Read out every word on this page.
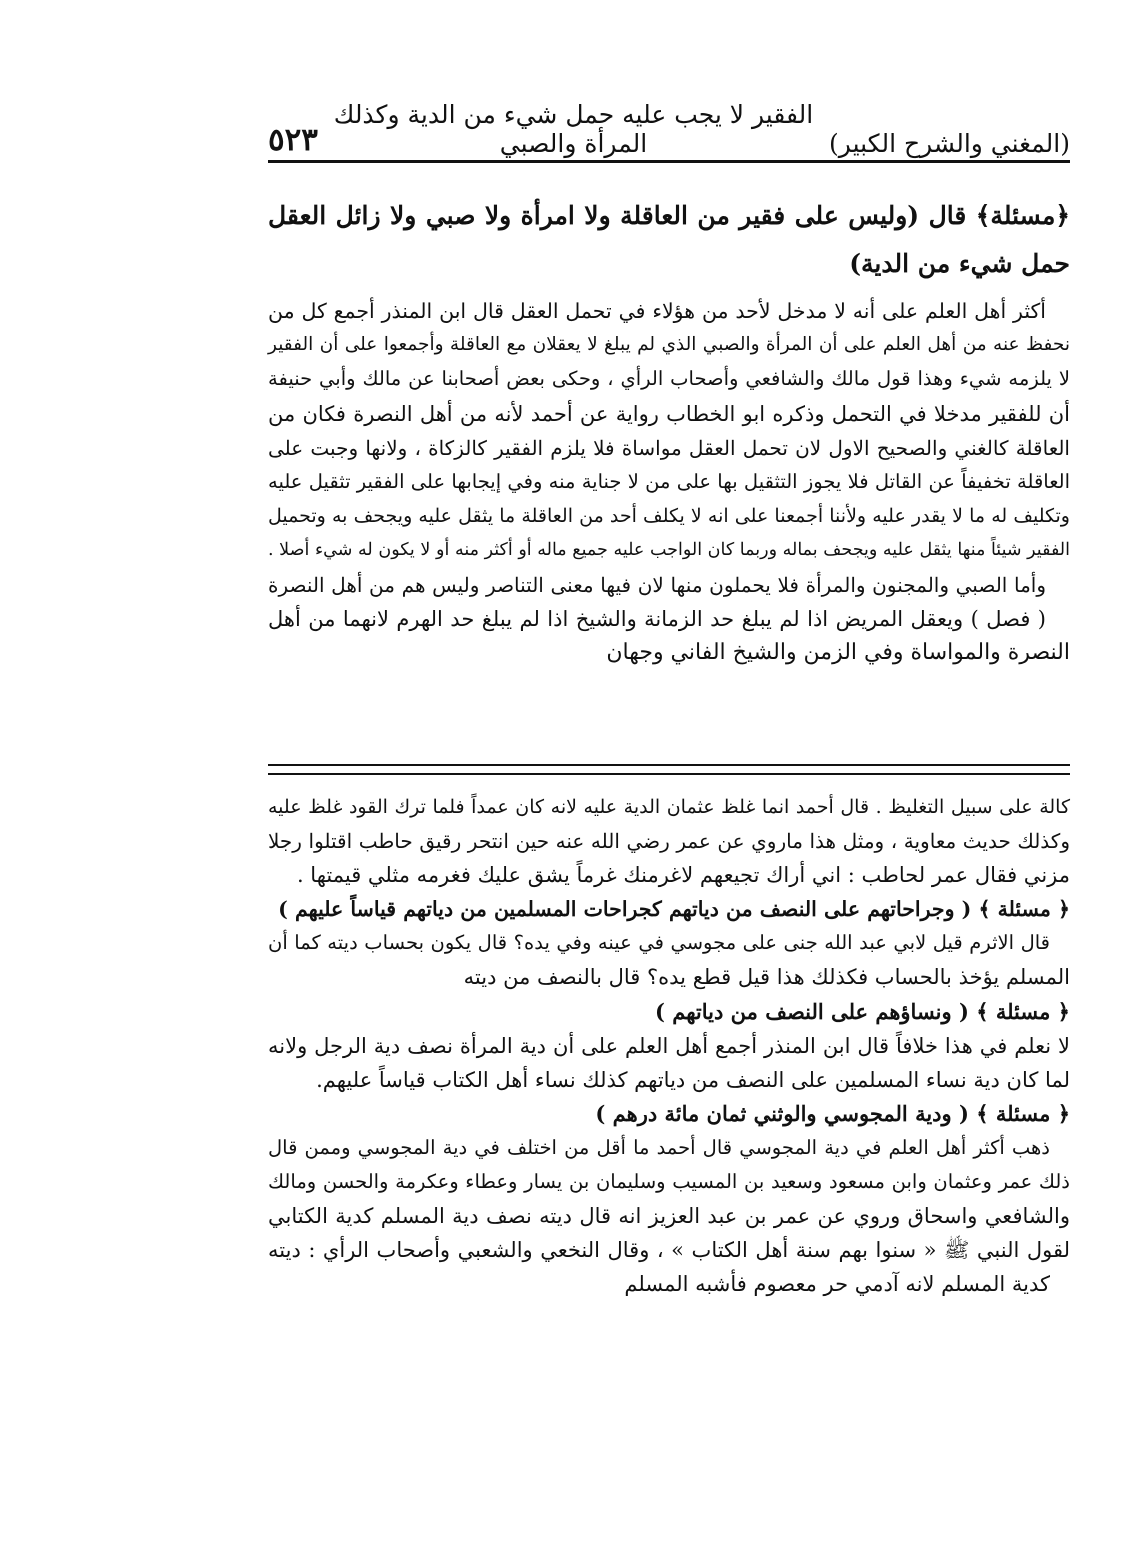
(المغني والشرح الكبير)
الفقير لا يجب عليه حمل شيء من الدية وكذلك المرأة والصبي
٥٢٣
﴿مسئلة﴾ قال (وليس على فقير من العاقلة ولا امرأة ولا صبي ولا زائل العقل حمل شيء من الدية)
أكثر أهل العلم على أنه لا مدخل لأحد من هؤلاء في تحمل العقل قال ابن المنذر أجمع كل من
نحفظ عنه من أهل العلم على أن المرأة والصبي الذي لم يبلغ لا يعقلان مع العاقلة وأجمعوا على أن الفقير
لا يلزمه شيء وهذا قول مالك والشافعي وأصحاب الرأي ، وحكى بعض أصحابنا عن مالك وأبي حنيفة
أن للفقير مدخلا في التحمل وذكره ابو الخطاب رواية عن أحمد لأنه من أهل النصرة فكان من
العاقلة كالغني والصحيح الاول لان تحمل العقل مواساة فلا يلزم الفقير كالزكاة ، ولانها وجبت على
العاقلة تخفيفاً عن القاتل فلا يجوز التثقيل بها على من لا جناية منه وفي إيجابها على الفقير تثقيل عليه
وتكليف له ما لا يقدر عليه ولأننا أجمعنا على انه لا يكلف أحد من العاقلة ما يثقل عليه ويجحف به وتحميل
الفقير شيئاً منها يثقل عليه ويجحف بماله وربما كان الواجب عليه جميع ماله أو أكثر منه أو لا يكون له شيء أصلا .
وأما الصبي والمجنون والمرأة فلا يحملون منها لان فيها معنى التناصر وليس هم من أهل النصرة
( فصل ) ويعقل المريض اذا لم يبلغ حد الزمانة والشيخ اذا لم يبلغ حد الهرم لانهما من أهل
النصرة والمواساة وفي الزمن والشيخ الفاني وجهان
كالة على سبيل التغليظ . قال أحمد انما غلظ عثمان الدية عليه لانه كان عمداً فلما ترك القود غلظ عليه
وكذلك حديث معاوية ، ومثل هذا ماروي عن عمر رضي الله عنه حين انتحر رقيق حاطب اقتلوا رجلا
مزني فقال عمر لحاطب : اني أراك تجيعهم لاغرمنك غرماً يشق عليك فغرمه مثلي قيمتها .
﴿ مسئلة ﴾ ( وجراحاتهم على النصف من دياتهم كجراحات المسلمين من دياتهم قياساً عليهم )
قال الاثرم قيل لابي عبد الله جنى على مجوسي في عينه وفي يده؟ قال يكون بحساب ديته كما أن
المسلم يؤخذ بالحساب فكذلك هذا قيل قطع يده؟ قال بالنصف من ديته
﴿ مسئلة ﴾ ( ونساؤهم على النصف من دياتهم )
لا نعلم في هذا خلافاً قال ابن المنذر أجمع أهل العلم على أن دية المرأة نصف دية الرجل ولانه
لما كان دية نساء المسلمين على النصف من دياتهم كذلك نساء أهل الكتاب قياساً عليهم.
﴿ مسئلة ﴾ ( ودية المجوسي والوثني ثمان مائة درهم )
ذهب أكثر أهل العلم في دية المجوسي قال أحمد ما أقل من اختلف في دية المجوسي وممن قال
ذلك عمر وعثمان وابن مسعود وسعيد بن المسيب وسليمان بن يسار وعطاء وعكرمة والحسن ومالك
والشافعي واسحاق وروي عن عمر بن عبد العزيز انه قال ديته نصف دية المسلم كدية الكتابي
لقول النبي ﷺ « سنوا بهم سنة أهل الكتاب » ، وقال النخعي والشعبي وأصحاب الرأي : ديته
كدية المسلم لانه آدمي حر معصوم فأشبه المسلم
